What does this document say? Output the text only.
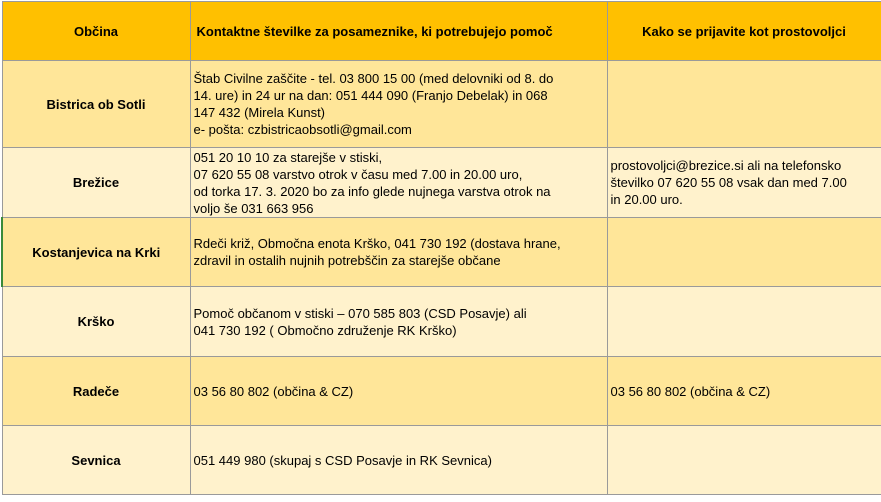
Občina	Kontaktne številke za posameznike, ki potrebujejo pomoč	Kako se prijavite kot prostovoljci
Bistrica ob Sotli	Štab Civilne zaščite - tel. 03 800 15 00 (med delovniki od 8. do
14. ure) in 24 ur na dan: 051 444 090 (Franjo Debelak) in 068
147 432 (Mirela Kunst)
e- pošta: czbistricaobsotli@gmail.com	
Brežice	051 20 10 10 za starejše v stiski,
07 620 55 08 varstvo otrok v času med 7.00 in 20.00 uro,
od torka 17. 3. 2020 bo za info glede nujnega varstva otrok na
voljo še 031 663 956	prostovoljci@brezice.si ali na telefonsko
številko 07 620 55 08 vsak dan med 7.00
in 20.00 uro.
Kostanjevica na Krki	Rdeči križ, Območna enota Krško, 041 730 192 (dostava hrane,
zdravil in ostalih nujnih potrebščin za starejše občane	
Krško	Pomoč občanom v stiski – 070 585 803 (CSD Posavje) ali
041 730 192 ( Območno združenje RK Krško)	
Radeče	03 56 80 802 (občina & CZ)	03 56 80 802 (občina & CZ)
Sevnica	051 449 980 (skupaj s CSD Posavje in RK Sevnica)	
